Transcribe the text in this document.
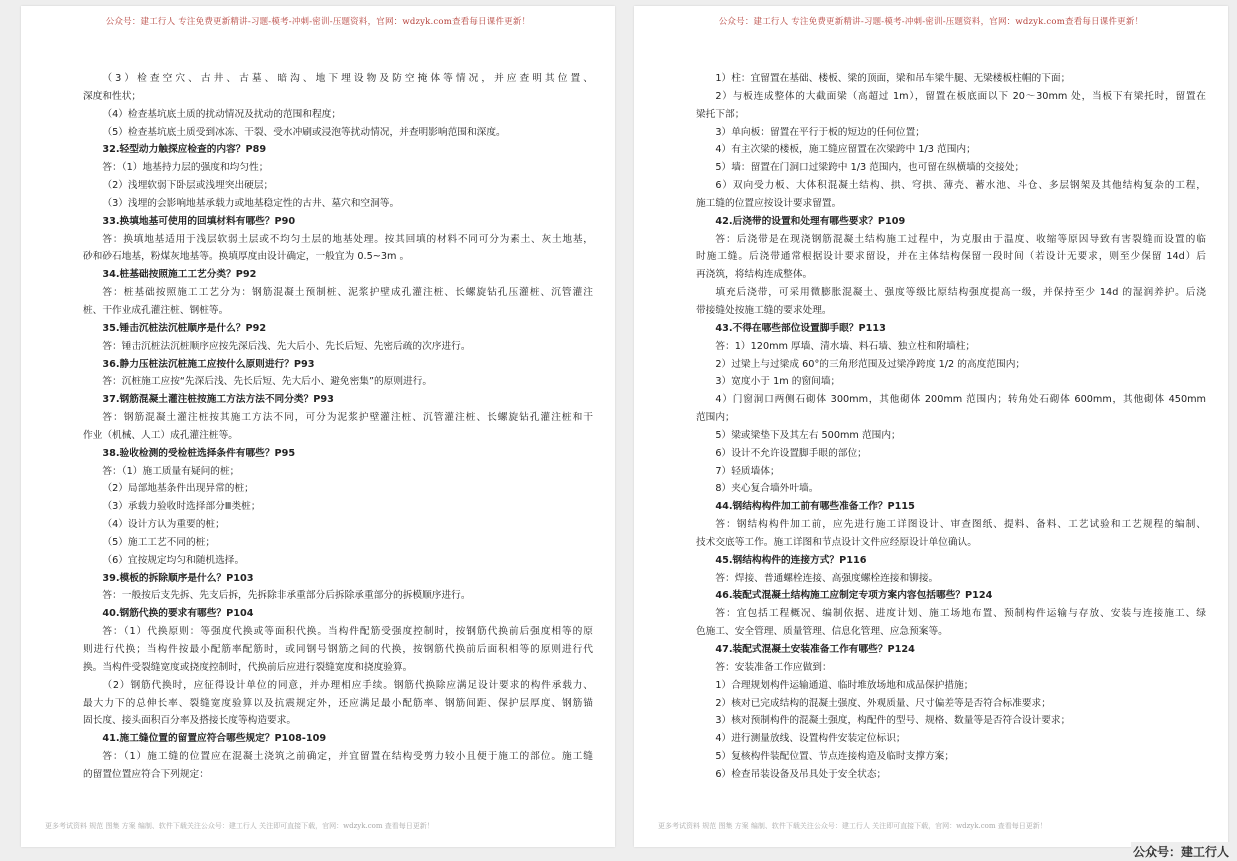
公众号：建工行人 专注免费更新精讲-习题-模考-冲刺-密训-压题资料，官网：wdzyk.com查看每日课件更新！
（3）检查空穴、古井、古墓、暗沟、地下埋设物及防空掩体等情况，并应查明其位置、
深度和性状；
（4）检查基坑底土质的扰动情况及扰动的范围和程度；
（5）检查基坑底土质受到冰冻、干裂、受水冲刷或浸泡等扰动情况，并查明影响范围和深度。
32.轻型动力触探应检查的内容？P89
答：（1）地基持力层的强度和均匀性；
（2）浅埋软弱下卧层或浅埋突出硬层；
（3）浅埋的会影响地基承载力或地基稳定性的古井、墓穴和空洞等。
33.换填地基可使用的回填材料有哪些？P90
答：换填地基适用于浅层软弱土层或不均匀土层的地基处理。按其回填的材料不同可分为素土、灰土地基，
砂和砂石地基，粉煤灰地基等。换填厚度由设计确定，一般宜为 0.5~3m 。
34.桩基础按照施工工艺分类？P92
答：桩基础按照施工工艺分为：钢筋混凝土预制桩、泥浆护壁成孔灌注桩、长螺旋钻孔压灌桩、沉管灌注
桩、干作业成孔灌注桩、钢桩等。
35.锤击沉桩法沉桩顺序是什么？P92
答：锤击沉桩法沉桩顺序应按先深后浅、先大后小、先长后短、先密后疏的次序进行。
36.静力压桩法沉桩施工应按什么原则进行？P93
答：沉桩施工应按“先深后浅、先长后短、先大后小、避免密集”的原则进行。
37.钢筋混凝土灌注桩按施工方法方法不同分类？P93
答：钢筋混凝土灌注桩按其施工方法不同，可分为泥浆护壁灌注桩、沉管灌注桩、长螺旋钻孔灌注桩和干
作业（机械、人工）成孔灌注桩等。
38.验收检测的受检桩选择条件有哪些？P95
答：（1）施工质量有疑问的桩；
（2）局部地基条件出现异常的桩；
（3）承载力验收时选择部分Ⅲ类桩；
（4）设计方认为重要的桩；
（5）施工工艺不同的桩；
（6）宜按规定均匀和随机选择。
39.模板的拆除顺序是什么？P103
答：一般按后支先拆、先支后拆，先拆除非承重部分后拆除承重部分的拆模顺序进行。
40.钢筋代换的要求有哪些？P104
答：（1）代换原则：等强度代换或等面积代换。当构件配筋受强度控制时，按钢筋代换前后强度相等的原
则进行代换；当构件按最小配筋率配筋时，或同钢号钢筋之间的代换，按钢筋代换前后面积相等的原则进行代
换。当构件受裂缝宽度或挠度控制时，代换前后应进行裂缝宽度和挠度验算。
（2）钢筋代换时，应征得设计单位的同意，并办理相应手续。钢筋代换除应满足设计要求的构件承载力、
最大力下的总伸长率、裂缝宽度验算以及抗震规定外，还应满足最小配筋率、钢筋间距、保护层厚度、钢筋锚
固长度、接头面积百分率及搭接长度等构造要求。
41.施工缝位置的留置应符合哪些规定？P108-109
答：（1）施工缝的位置应在混凝土浇筑之前确定，并宜留置在结构受剪力较小且便于施工的部位。施工缝
的留置位置应符合下列规定：
更多考试资料 规范 图集 方案 编制、软件下载关注公众号：建工行人 关注即可直接下载，官网：wdzyk.com 查看每日更新！
公众号：建工行人 专注免费更新精讲-习题-模考-冲刺-密训-压题资料，官网：wdzyk.com查看每日课件更新！
1）柱：宜留置在基础、楼板、梁的顶面，梁和吊车梁牛腿、无梁楼板柱帽的下面；
2）与板连成整体的大截面梁（高超过 1m），留置在板底面以下 20～30mm 处，当板下有梁托时，留置在
梁托下部；
3）单向板：留置在平行于板的短边的任何位置；
4）有主次梁的楼板，施工缝应留置在次梁跨中 1/3 范围内；
5）墙：留置在门洞口过梁跨中 1/3 范围内，也可留在纵横墙的交接处；
6）双向受力板、大体积混凝土结构、拱、穹拱、薄壳、蓄水池、斗仓、多层钢架及其他结构复杂的工程，
施工缝的位置应按设计要求留置。
42.后浇带的设置和处理有哪些要求？P109
答：后浇带是在现浇钢筋混凝土结构施工过程中，为克服由于温度、收缩等原因导致有害裂缝而设置的临
时施工缝。后浇带通常根据设计要求留设，并在主体结构保留一段时间（若设计无要求，则至少保留 14d）后
再浇筑，将结构连成整体。
填充后浇带，可采用微膨胀混凝土、强度等级比原结构强度提高一级，并保持至少 14d 的湿润养护。后浇
带接缝处按施工缝的要求处理。
43.不得在哪些部位设置脚手眼？P113
答：1）120mm 厚墙、清水墙、料石墙、独立柱和附墙柱；
2）过梁上与过梁成 60°的三角形范围及过梁净跨度 1/2 的高度范围内；
3）宽度小于 1m 的窗间墙；
4）门窗洞口两侧石砌体 300mm，其他砌体 200mm 范围内；转角处石砌体 600mm，其他砌体 450mm
范围内；
5）梁或梁垫下及其左右 500mm 范围内；
6）设计不允许设置脚手眼的部位；
7）轻质墙体；
8）夹心复合墙外叶墙。
44.钢结构构件加工前有哪些准备工作？P115
答：钢结构构件加工前，应先进行施工详图设计、审查图纸、提料、备料、工艺试验和工艺规程的编制、
技术交底等工作。施工详图和节点设计文件应经原设计单位确认。
45.钢结构构件的连接方式？P116
答：焊接、普通螺栓连接、高强度螺栓连接和铆接。
46.装配式混凝土结构施工应制定专项方案内容包括哪些？P124
答：宜包括工程概况、编制依据、进度计划、施工场地布置、预制构件运输与存放、安装与连接施工、绿
色施工、安全管理、质量管理、信息化管理、应急预案等。
47.装配式混凝土安装准备工作有哪些？P124
答：安装准备工作应做到：
1）合理规划构件运输通道、临时堆放场地和成品保护措施；
2）核对已完成结构的混凝土强度、外观质量、尺寸偏差等是否符合标准要求；
3）核对预制构件的混凝土强度，构配件的型号、规格、数量等是否符合设计要求；
4）进行测量放线、设置构件安装定位标识；
5）复核构件装配位置、节点连接构造及临时支撑方案；
6）检查吊装设备及吊具处于安全状态；
更多考试资料 规范 图集 方案 编制、软件下载关注公众号：建工行人 关注即可直接下载，官网：wdzyk.com 查看每日更新！
公众号：建工行人
